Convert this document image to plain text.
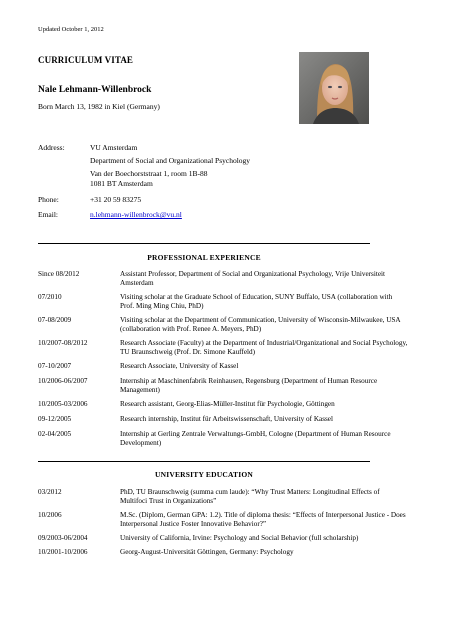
Updated October 1, 2012
CURRICULUM VITAE
Nale Lehmann-Willenbrock
Born March 13, 1982 in Kiel (Germany)
Address:	VU Amsterdam
Department of Social and Organizational Psychology
Van der Boechorststraat 1, room 1B-88
1081 BT Amsterdam
Phone:	+31 20 59 83275
Email:	n.lehmann-willenbrock@vu.nl
PROFESSIONAL EXPERIENCE
Since 08/2012	Assistant Professor, Department of Social and Organizational Psychology, Vrije Universiteit Amsterdam
07/2010	Visiting scholar at the Graduate School of Education, SUNY Buffalo, USA (collaboration with Prof. Ming Ming Chiu, PhD)
07-08/2009	Visiting scholar at the Department of Communication, University of Wisconsin-Milwaukee, USA (collaboration with Prof. Renee A. Meyers, PhD)
10/2007-08/2012	Research Associate (Faculty) at the Department of Industrial/Organizational and Social Psychology, TU Braunschweig (Prof. Dr. Simone Kauffeld)
07-10/2007	Research Associate, University of Kassel
10/2006-06/2007	Internship at Maschinenfabrik Reinhausen, Regensburg (Department of Human Resource Management)
10/2005-03/2006	Research assistant, Georg-Elias-Müller-Institut für Psychologie, Göttingen
09-12/2005	Research internship, Institut für Arbeitswissenschaft, University of Kassel
02-04/2005	Internship at Gerling Zentrale Verwaltungs-GmbH, Cologne (Department of Human Resource Development)
UNIVERSITY EDUCATION
03/2012	PhD, TU Braunschweig (summa cum laude): “Why Trust Matters: Longitudinal Effects of Multifoci Trust in Organizations”
10/2006	M.Sc. (Diplom, German GPA: 1.2). Title of diploma thesis: “Effects of Interpersonal Justice - Does Interpersonal Justice Foster Innovative Behavior?”
09/2003-06/2004	University of California, Irvine: Psychology and Social Behavior (full scholarship)
10/2001-10/2006	Georg-August-Universität Göttingen, Germany: Psychology
